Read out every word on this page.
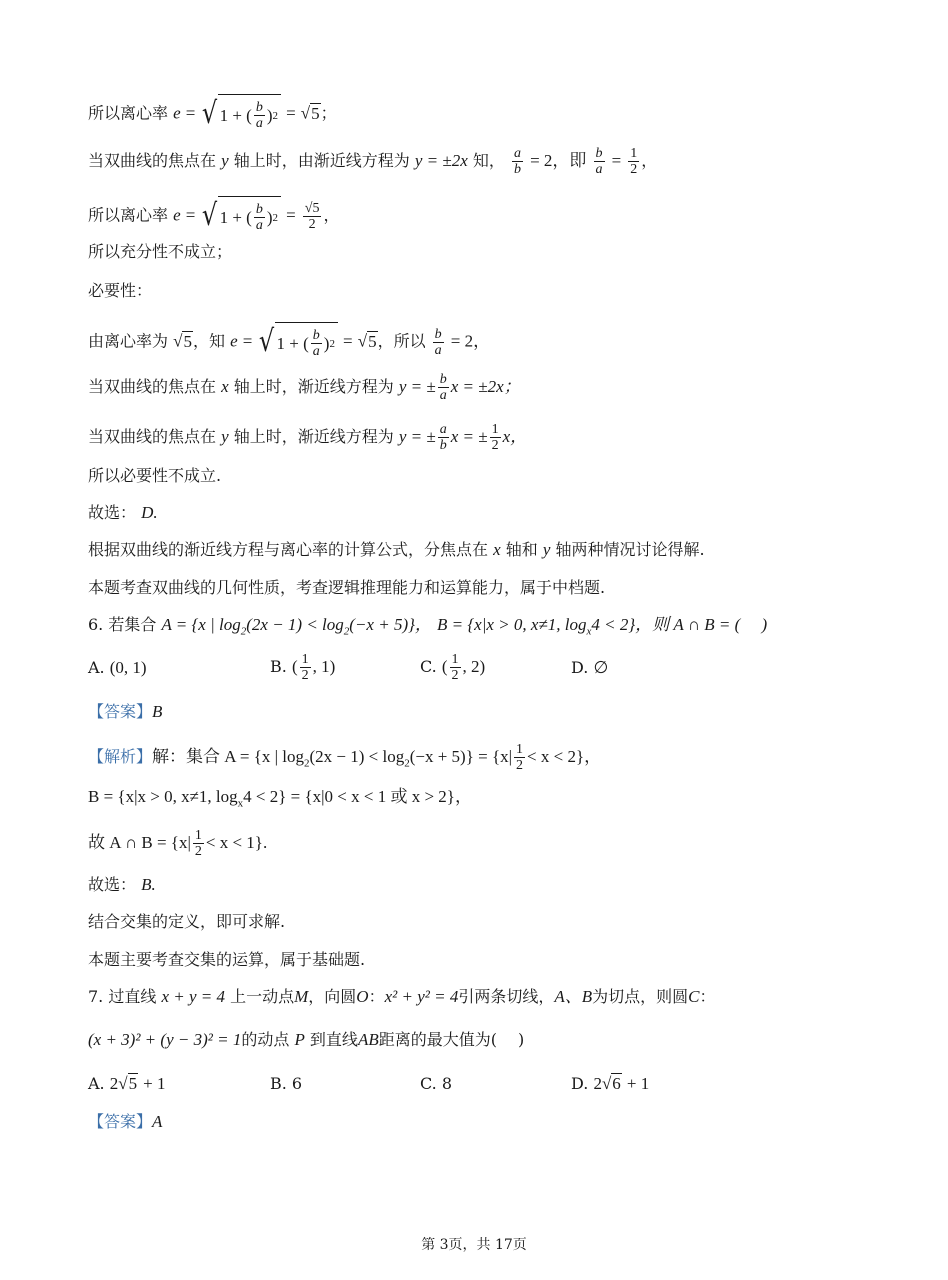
所以离心率 e = √ 1 + ( $\frac{b}{a}$ ) 2 = √5；
当双曲线的焦点在 y 轴上时，由渐近线方程为 y = ±2x 知， $\frac{a}{b} = 2$，即 $\frac{b}{a} = \frac{1}{2}$ ，
所以离心率 e = √ 1 + ( $\frac{b}{a}$ ) $2 = \frac{√5}{2}$ ，
所以充分性不成立；
必要性：
由离心率为 √5，知 e = √ 1 + ( $\frac{b}{a}$ ) 2 = √5，所以 $\frac{b}{a} = 2$，
当双曲线的焦点在 x 轴上时，渐近线方程为 y = ± $\frac{b}{a}$ x = ±2x；
当双曲线的焦点在 y 轴上时，渐近线方程为 y = ± $\frac{a}{b}$ x = ± $\frac{1}{2}$ x，
所以必要性不成立.
故选： D.
根据双曲线的渐近线方程与离心率的计算公式，分焦点在 x 轴和 y 轴两种情况讨论得解.
本题考查双曲线的几何性质，考查逻辑推理能力和运算能力，属于中档题.
6. 若集合 A = {x | $\log_2(2x - 1) < \log_2(-x + 5)$}， B = {x|x > 0, x≠1, $\log_x4 < 2$}，则 A ∩ B = (　 )
A. (0, 1)	B. ( $\frac{1}{2}$ , 1)	C. ( $\frac{1}{2}$ , 2)	D. ∅
【答案】B
【解析】解：集合 A = {x | $\log_2(2x - 1) < \log_2(-x + 5)\} = \{x| \frac{1}{2} < x < 2\}$，
B = {x|x > 0, x≠1, $\log_x4 < 2\} = \{x|0 < x < 1$ 或 x > 2}，
故 A ∩ $B = \{x| \frac{1}{2} < x < 1\}$.
故选： B.
结合交集的定义，即可求解.
本题主要考查交集的运算，属于基础题.
7. 过直线 x + y = 4 上一动点M，向圆O：x² + y² = 4引两条切线，A、B为切点，则圆C：
(x + 3)² + (y − 3)² = 1的动点 P 到直线AB距离的最大值为(　 )
A. 2√5 + 1	B. 6	C. 8	D. 2√6 + 1
【答案】A
第 3页，共 17页
